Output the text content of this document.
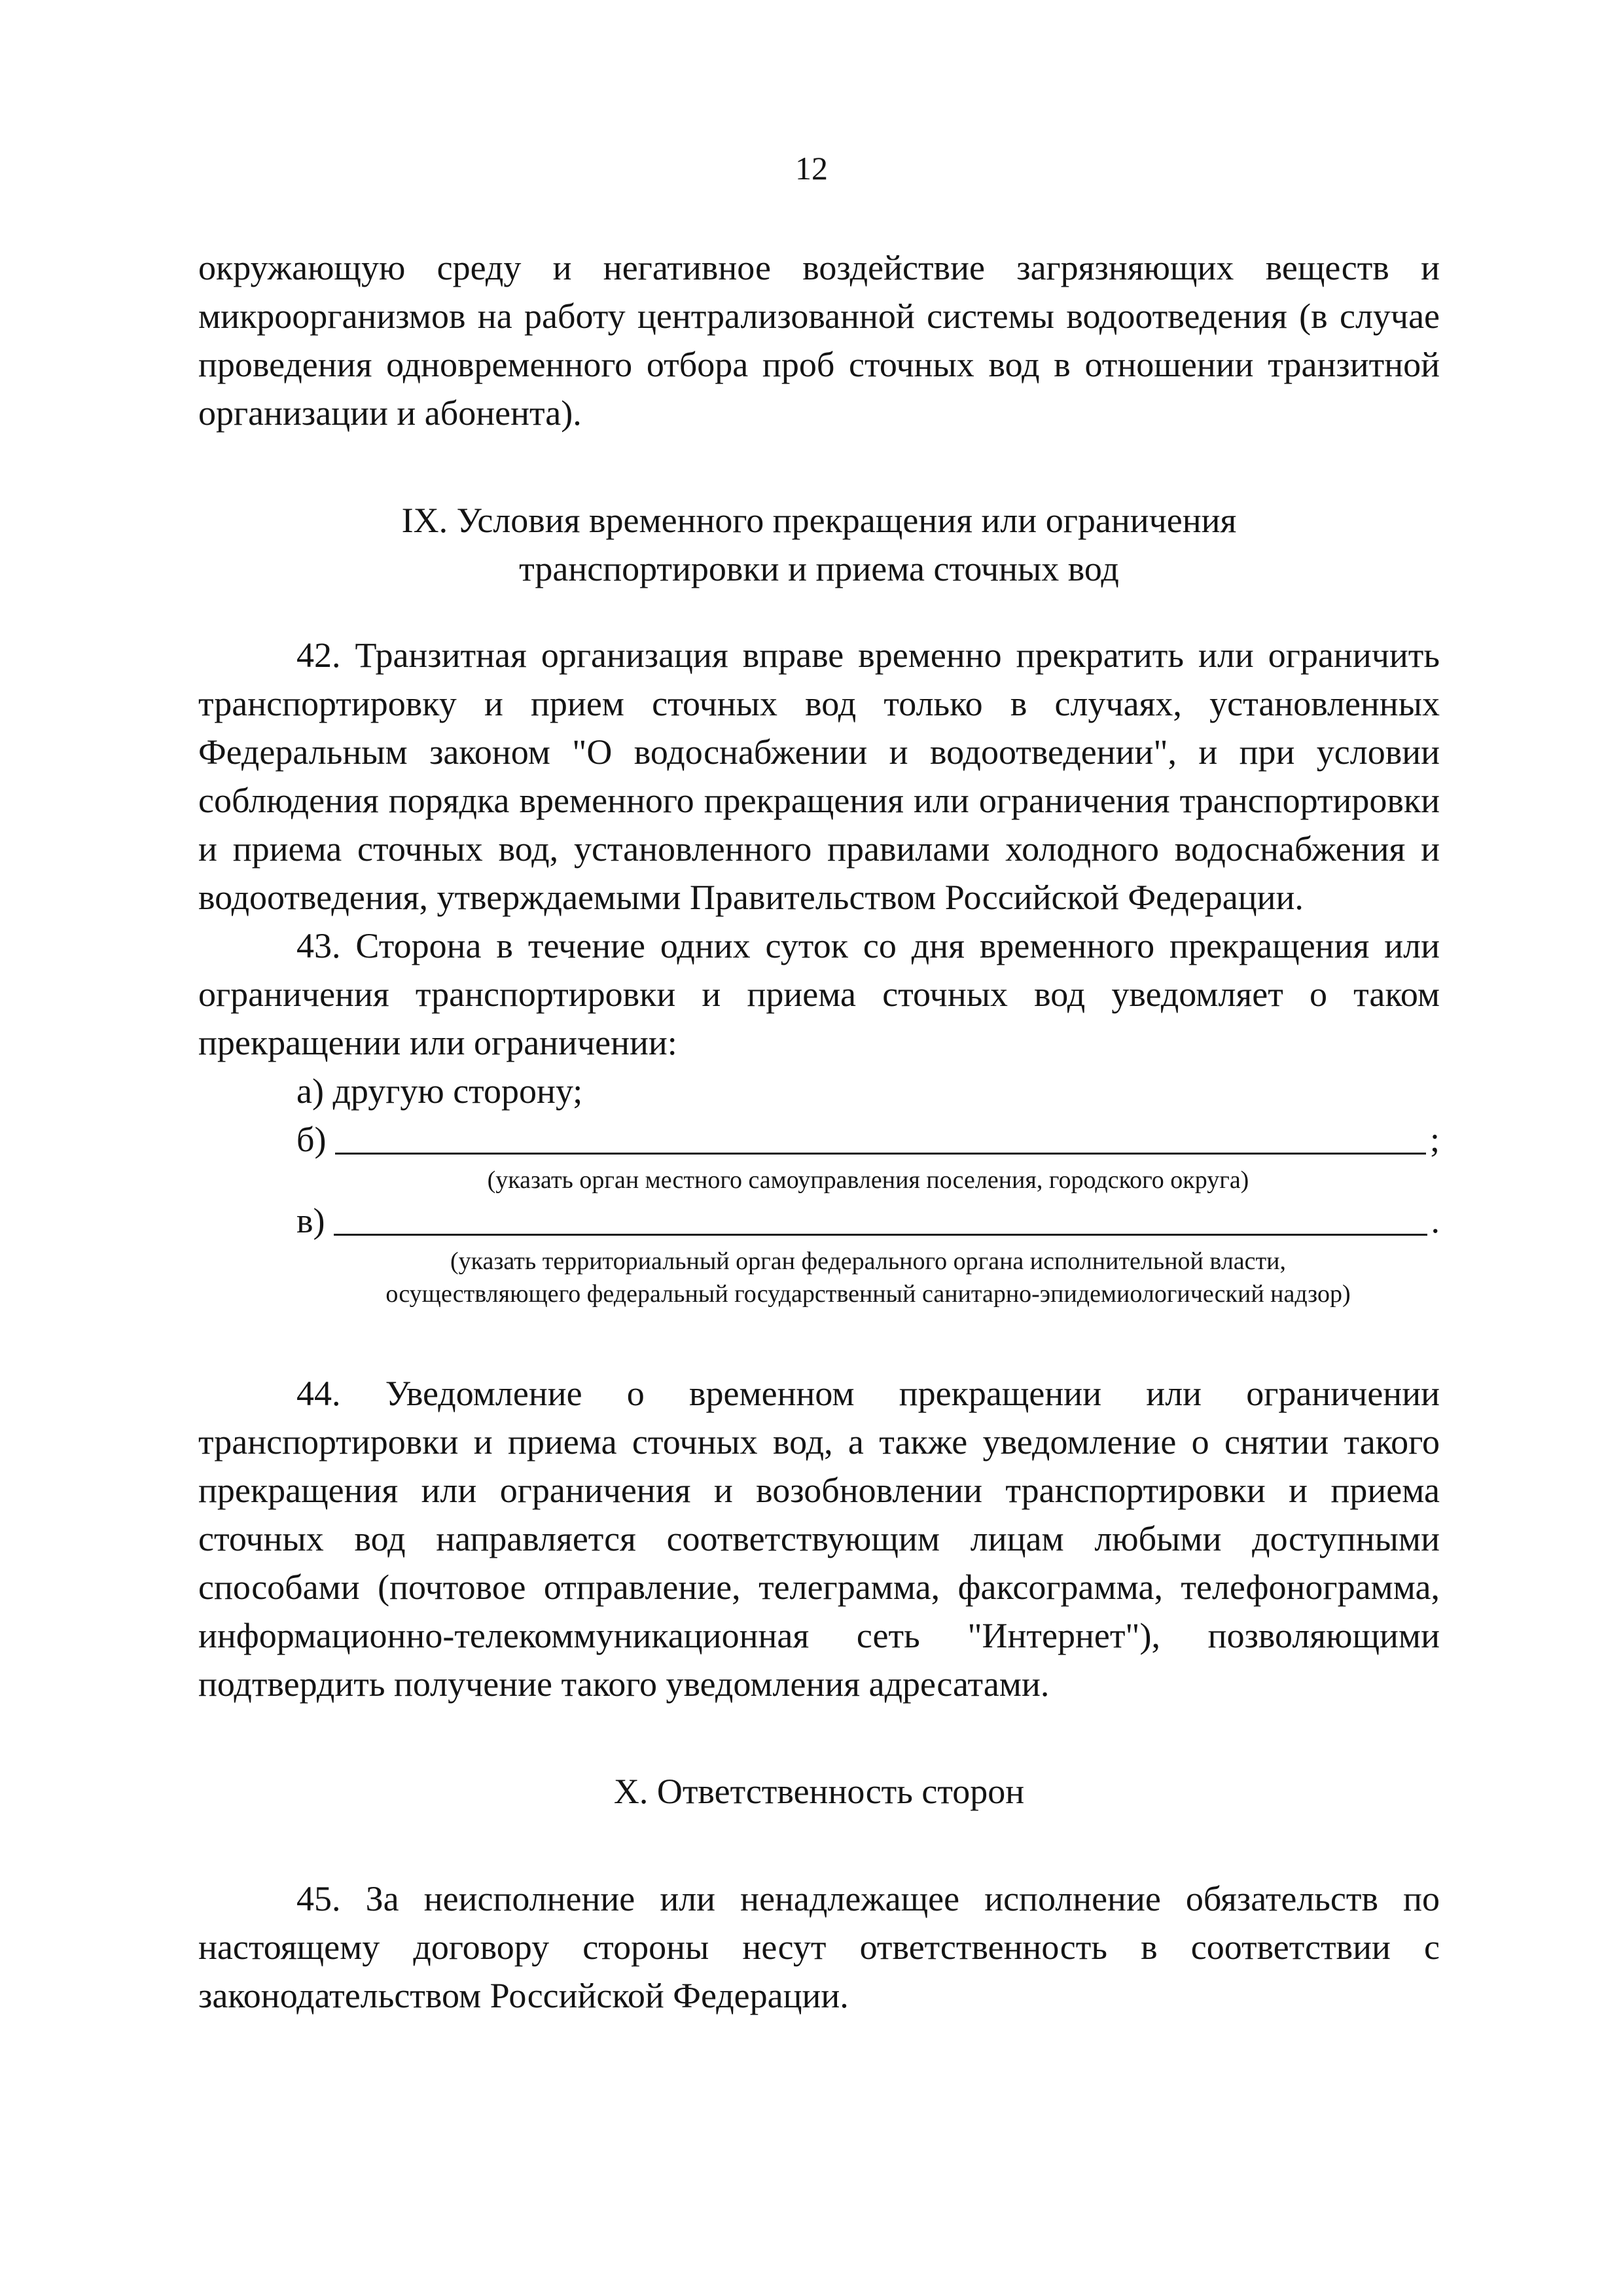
12

окружающую среду и негативное воздействие загрязняющих веществ и микроорганизмов на работу централизованной системы водоотведения (в случае проведения одновременного отбора проб сточных вод в отношении транзитной организации и абонента).

IX. Условия временного прекращения или ограничения

транспортировки и приема сточных вод

42. Транзитная организация вправе временно прекратить или ограничить транспортировку и прием сточных вод только в случаях, установленных Федеральным законом "О водоснабжении и водоотведении", и при условии соблюдения порядка временного прекращения или ограничения транспортировки и приема сточных вод, установленного правилами холодного водоснабжения и водоотведения, утверждаемыми Правительством Российской Федерации.

43. Сторона в течение одних суток со дня временного прекращения или ограничения транспортировки и приема сточных вод уведомляет о таком прекращении или ограничении:

а) другую сторону;

б)	;

(указать орган местного самоуправления поселения, городского округа)

в)	.

(указать территориальный орган федерального органа исполнительной власти,

осуществляющего федеральный государственный санитарно-эпидемиологический надзор)

44. Уведомление о временном прекращении или ограничении транспортировки и приема сточных вод, а также уведомление о снятии такого прекращения или ограничения и возобновлении транспортировки и приема сточных вод направляется соответствующим лицам любыми доступными способами (почтовое отправление, телеграмма, факсограмма, телефонограмма, информационно-телекоммуникационная сеть "Интернет"), позволяющими подтвердить получение такого уведомления адресатами.

X. Ответственность сторон

45. За неисполнение или ненадлежащее исполнение обязательств по настоящему договору стороны несут ответственность в соответствии с законодательством Российской Федерации.
